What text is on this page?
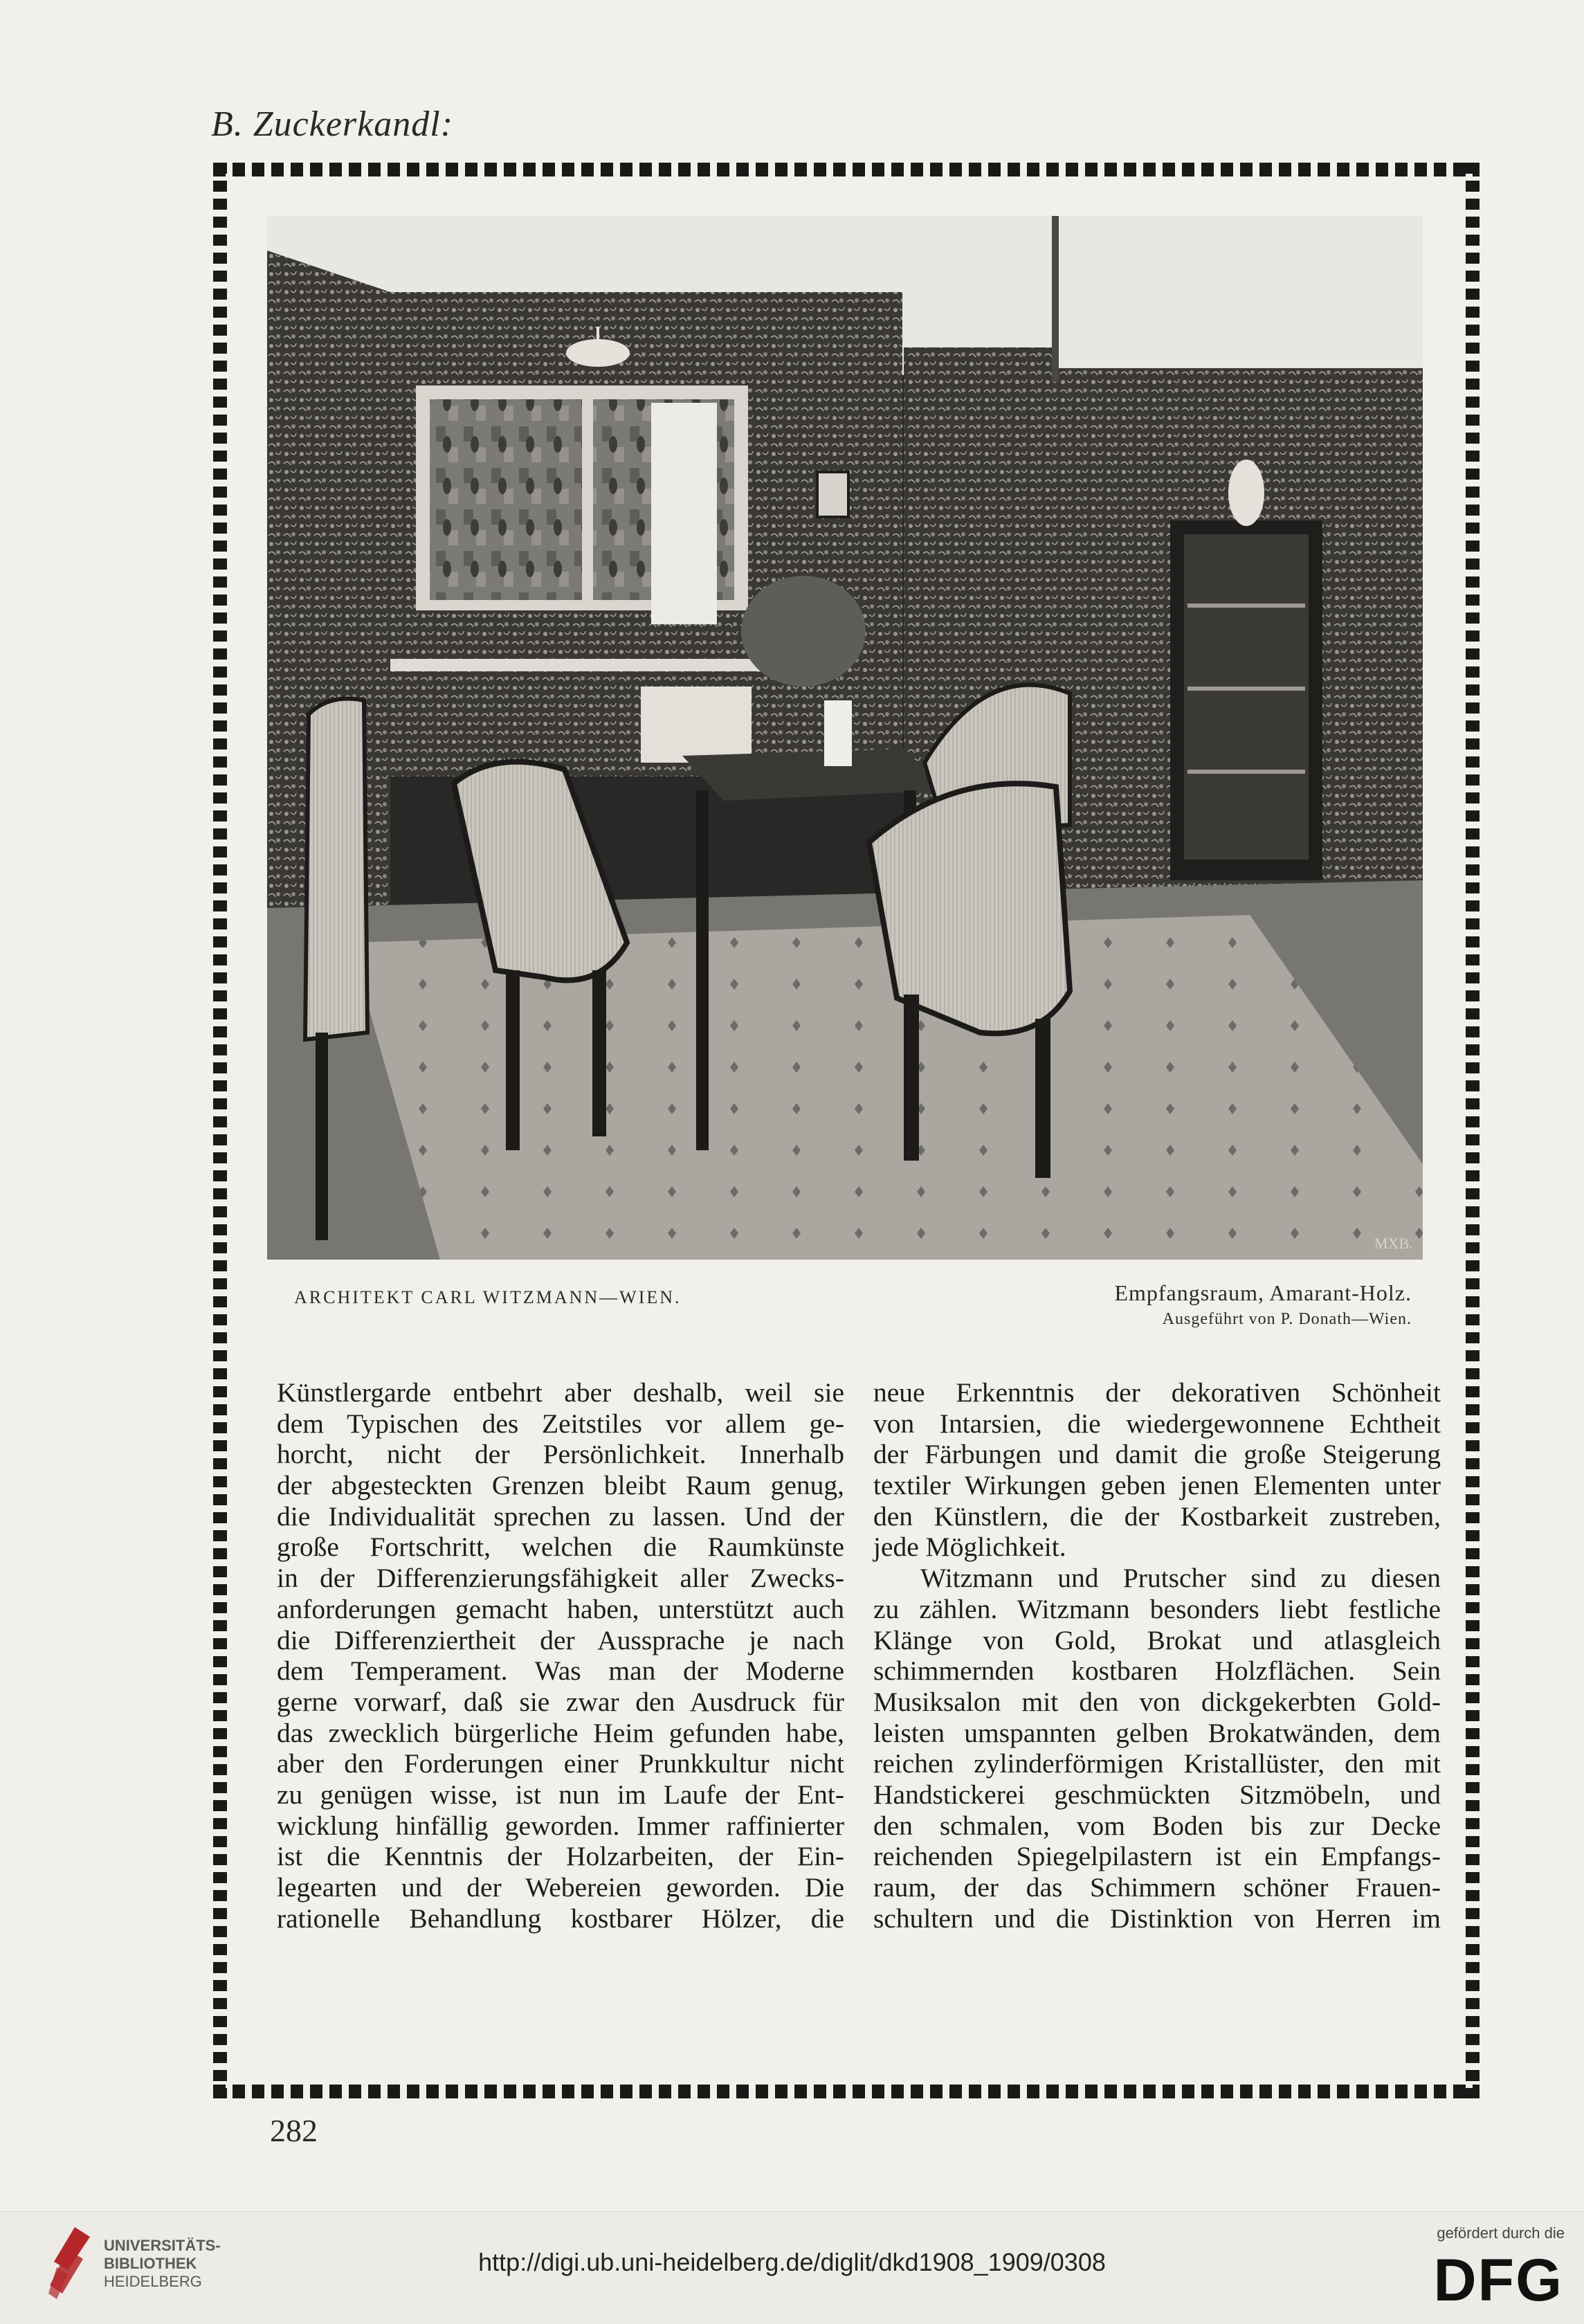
B. Zuckerkandl:
MXB.
ARCHITEKT CARL WITZMANN—WIEN.	Empfangsraum, Amarant-Holz.
Ausgeführt von P. Donath—Wien.
Künstlergarde entbehrt aber deshalb, weil sie
dem Typischen des Zeitstiles vor allem ge-
horcht, nicht der Persönlichkeit. Innerhalb
der abgesteckten Grenzen bleibt Raum genug,
die Individualität sprechen zu lassen. Und der
große Fortschritt, welchen die Raumkünste
in der Differenzierungsfähigkeit aller Zwecks-
anforderungen gemacht haben, unterstützt auch
die Differenziertheit der Aussprache je nach
dem Temperament. Was man der Moderne
gerne vorwarf, daß sie zwar den Ausdruck für
das zwecklich bürgerliche Heim gefunden habe,
aber den Forderungen einer Prunkkultur nicht
zu genügen wisse, ist nun im Laufe der Ent-
wicklung hinfällig geworden. Immer raffinierter
ist die Kenntnis der Holzarbeiten, der Ein-
legearten und der Webereien geworden. Die
rationelle Behandlung kostbarer Hölzer, die
neue Erkenntnis der dekorativen Schönheit
von Intarsien, die wiedergewonnene Echtheit
der Färbungen und damit die große Steigerung
textiler Wirkungen geben jenen Elementen unter
den Künstlern, die der Kostbarkeit zustreben,
jede Möglichkeit.
Witzmann und Prutscher sind zu diesen
zu zählen. Witzmann besonders liebt festliche
Klänge von Gold, Brokat und atlasgleich
schimmernden kostbaren Holzflächen. Sein
Musiksalon mit den von dickgekerbten Gold-
leisten umspannten gelben Brokatwänden, dem
reichen zylinderförmigen Kristallüster, den mit
Handstickerei geschmückten Sitzmöbeln, und
den schmalen, vom Boden bis zur Decke
reichenden Spiegelpilastern ist ein Empfangs-
raum, der das Schimmern schöner Frauen-
schultern und die Distinktion von Herren im
282
UNIVERSITÄTS-
BIBLIOTHEK
HEIDELBERG
http://digi.ub.uni-heidelberg.de/diglit/dkd1908_1909/0308
gefördert durch die
DFG
